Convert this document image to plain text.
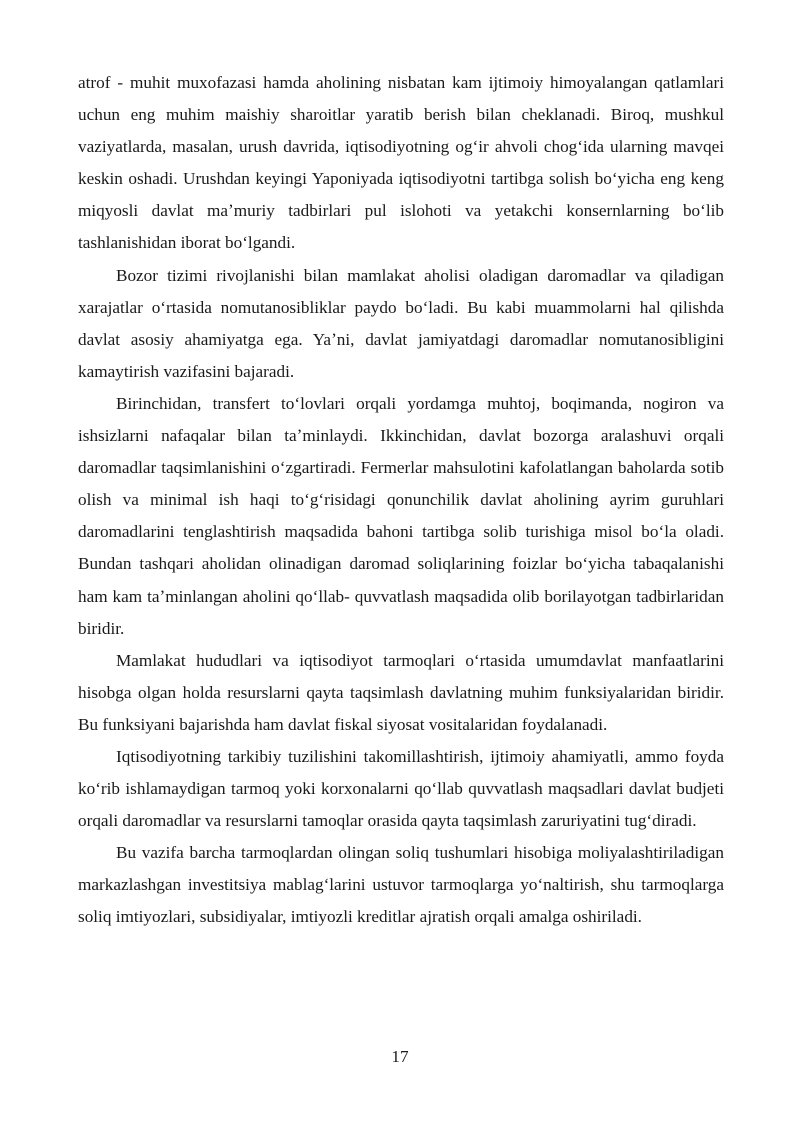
atrof - muhit muxofazasi hamda aholining nisbatan kam ijtimoiy himoyalangan qatlamlari uchun eng muhim maishiy sharoitlar yaratib berish bilan cheklanadi. Biroq, mushkul vaziyatlarda, masalan, urush davrida, iqtisodiyotning ogʻir ahvoli chogʻida ularning mavqei keskin oshadi. Urushdan keyingi Yaponiyada iqtisodiyotni tartibga solish boʻyicha eng keng miqyosli davlat maʼmuriy tadbirlari pul islohoti va yetakchi konsernlarning boʻlib tashlanishidan iborat boʻlgandi.

Bozor tizimi rivojlanishi bilan mamlakat aholisi oladigan daromadlar va qiladigan xarajatlar oʻrtasida nomutanosibliklar paydo boʻladi. Bu kabi muammolarni hal qilishda davlat asosiy ahamiyatga ega. Yaʼni, davlat jamiyatdagi daromadlar nomutanosibligini kamaytirish vazifasini bajaradi.

Birinchidan, transfert toʻlovlari orqali yordamga muhtoj, boqimanda, nogiron va ishsizlarni nafaqalar bilan taʼminlaydi. Ikkinchidan, davlat bozorga aralashuvi orqali daromadlar taqsimlanishini oʻzgartiradi. Fermerlar mahsulotini kafolatlangan baholarda sotib olish va minimal ish haqi toʻgʻrisidagi qonunchilik davlat aholining ayrim guruhlari daromadlarini tenglashtirish maqsadida bahoni tartibga solib turishiga misol boʻla oladi. Bundan tashqari aholidan olinadigan daromad soliqlarining foizlar boʻyicha tabaqalanishi ham kam taʼminlangan aholini qoʻllab- quvvatlash maqsadida olib borilayotgan tadbirlaridan biridir.

Mamlakat hududlari va iqtisodiyot tarmoqlari oʻrtasida umumdavlat manfaatlarini hisobga olgan holda resurslarni qayta taqsimlash davlatning muhim funksiyalaridan biridir. Bu funksiyani bajarishda ham davlat fiskal siyosat vositalaridan foydalanadi.

Iqtisodiyotning tarkibiy tuzilishini takomillashtirish, ijtimoiy ahamiyatli, ammo foyda koʻrib ishlamaydigan tarmoq yoki korxonalarni qoʻllab quvvatlash maqsadlari davlat budjeti orqali daromadlar va resurslarni tamoqlar orasida qayta taqsimlash zaruriyatini tugʻdiradi.

Bu vazifa barcha tarmoqlardan olingan soliq tushumlari hisobiga moliyalashtiriladigan markazlashgan investitsiya mablagʻlarini ustuvor tarmoqlarga yoʻnaltirish, shu tarmoqlarga soliq imtiyozlari, subsidiyalar, imtiyozli kreditlar ajratish orqali amalga oshiriladi.

17
